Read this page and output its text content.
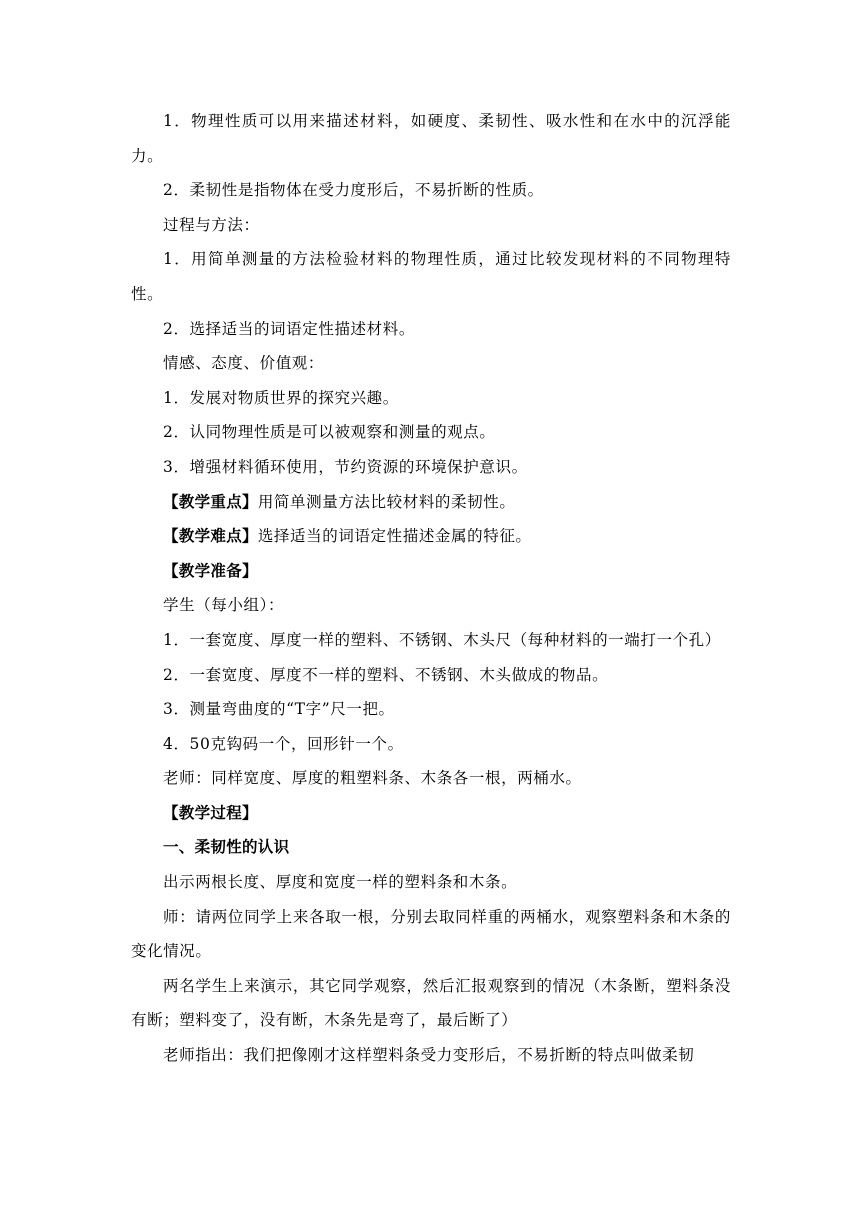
1．物理性质可以用来描述材料，如硬度、柔韧性、吸水性和在水中的沉浮能力。

2．柔韧性是指物体在受力度形后，不易折断的性质。

过程与方法：

1．用简单测量的方法检验材料的物理性质，通过比较发现材料的不同物理特性。

2．选择适当的词语定性描述材料。

情感、态度、价值观：

1．发展对物质世界的探究兴趣。

2．认同物理性质是可以被观察和测量的观点。

3．增强材料循环使用，节约资源的环境保护意识。

【教学重点】用简单测量方法比较材料的柔韧性。

【教学难点】选择适当的词语定性描述金属的特征。

【教学准备】

学生（每小组）：

1．一套宽度、厚度一样的塑料、不锈钢、木头尺（每种材料的一端打一个孔）

2．一套宽度、厚度不一样的塑料、不锈钢、木头做成的物品。

3．测量弯曲度的“T字”尺一把。

4．50克钩码一个，回形针一个。

老师：同样宽度、厚度的粗塑料条、木条各一根，两桶水。

【教学过程】

一、柔韧性的认识

出示两根长度、厚度和宽度一样的塑料条和木条。

师：请两位同学上来各取一根，分别去取同样重的两桶水，观察塑料条和木条的变化情况。

两名学生上来演示，其它同学观察，然后汇报观察到的情况（木条断，塑料条没有断；塑料变了，没有断，木条先是弯了，最后断了）

老师指出：我们把像刚才这样塑料条受力变形后，不易折断的特点叫做柔韧
